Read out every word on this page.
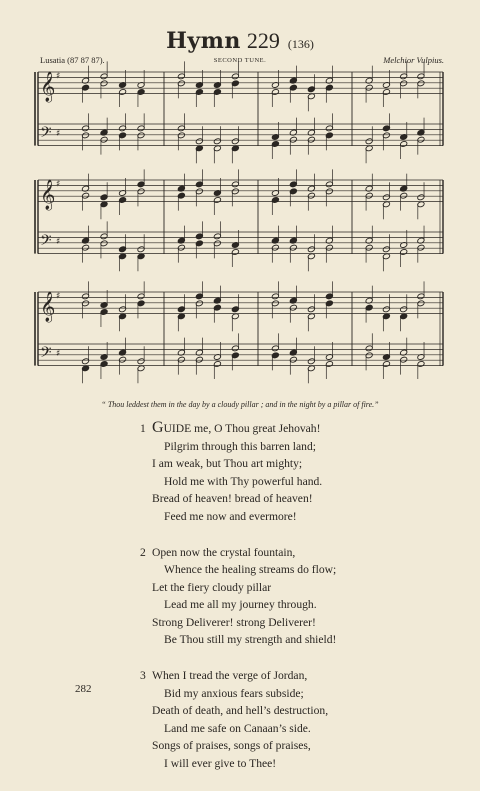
Hymn 229 (136)
Lusatia (87 87 87).	SECOND TUNE.	Melchior Vulpius.
𝄞 ♯
𝄢 ♯
𝄞 ♯
𝄢 ♯
𝄞 ♯
𝄢 ♯
“ Thou leddest them in the day by a cloudy pillar ; and in the night by a pillar of fire.”
1 GUIDE me, O Thou great Jehovah!
Pilgrim through this barren land;
I am weak, but Thou art mighty;
Hold me with Thy powerful hand.
Bread of heaven! bread of heaven!
Feed me now and evermore!
2 Open now the crystal fountain,
Whence the healing streams do flow;
Let the fiery cloudy pillar
Lead me all my journey through.
Strong Deliverer! strong Deliverer!
Be Thou still my strength and shield!
3 When I tread the verge of Jordan,
Bid my anxious fears subside;
Death of death, and hell’s destruction,
Land me safe on Canaan’s side.
Songs of praises, songs of praises,
I will ever give to Thee!
282
